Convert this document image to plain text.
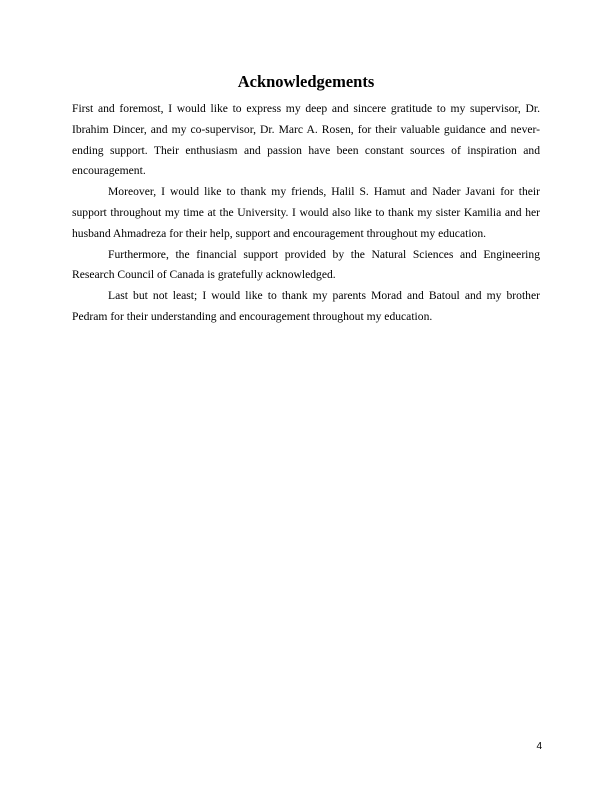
Acknowledgements

First and foremost, I would like to express my deep and sincere gratitude to my supervisor, Dr. Ibrahim Dincer, and my co-supervisor, Dr. Marc A. Rosen, for their valuable guidance and never-ending support. Their enthusiasm and passion have been constant sources of inspiration and encouragement.

Moreover, I would like to thank my friends, Halil S. Hamut and Nader Javani for their support throughout my time at the University. I would also like to thank my sister Kamilia and her husband Ahmadreza for their help, support and encouragement throughout my education.

Furthermore, the financial support provided by the Natural Sciences and Engineering Research Council of Canada is gratefully acknowledged.

Last but not least; I would like to thank my parents Morad and Batoul and my brother Pedram for their understanding and encouragement throughout my education.

4
